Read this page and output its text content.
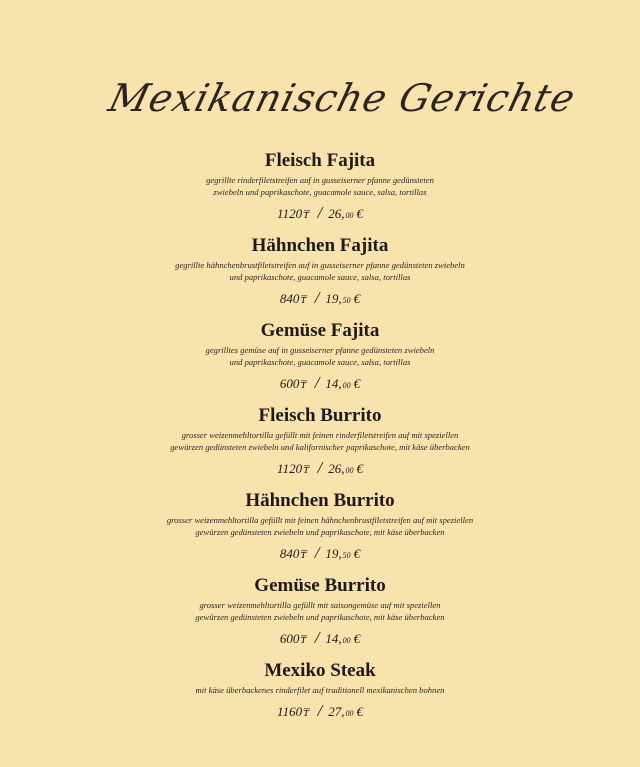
Mexikanische Gerichte

Fleisch Fajita

gegrillte rinderfiletstreifen auf in gusseiserner pfanne gedünsteten
zwiebeln und paprikaschote, guacamole sauce, salsa, tortillas

1120 ₸ / 26, 00 €

Hähnchen Fajita

gegrillte hähnchenbrustfiletstreifen auf in gusseiserner pfanne gedünsteten zwiebeln
und paprikaschote, guacamole sauce, salsa, tortillas

840 ₸ / 19, 50 €

Gemüse Fajita

gegrilltes gemüse auf in gusseiserner pfanne gedünsteten zwiebeln
und paprikaschote, guacamole sauce, salsa, tortillas

600 ₸ / 14, 00 €

Fleisch Burrito

grosser weizenmehltortilla gefüllt mit feinen rinderfiletstreifen auf mit speziellen
gewürzen gedünsteten zwiebeln und kalifornischer paprikaschote, mit käse überbacken

1120 ₸ / 26, 00 €

Hähnchen Burrito

grosser weizenmehltortilla gefüllt mit feinen hähnchenbrustfiletstreifen auf mit speziellen
gewürzen gedünsteten zwiebeln und paprikaschote, mit käse überbacken

840 ₸ / 19, 50 €

Gemüse Burrito

grosser weizenmehltortilla gefüllt mit saisongemüse auf mit speziellen
gewürzen gedünsteten zwiebeln und paprikaschote, mit käse überbacken

600 ₸ / 14, 00 €

Mexiko Steak

mit käse überbackenes rinderfilet auf traditionell mexikanischen bohnen

1160 ₸ / 27, 00 €
